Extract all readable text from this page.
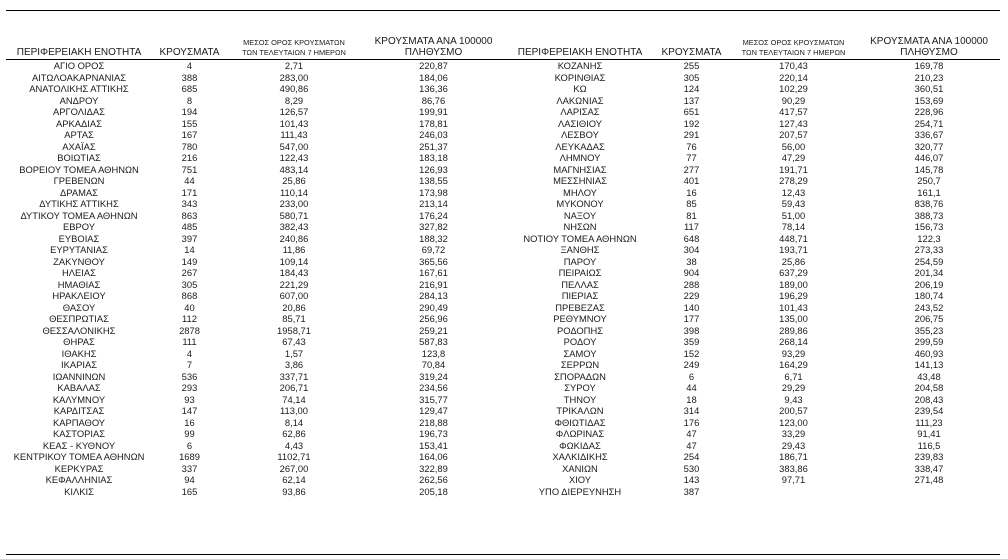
ΠΕΡΙΦΕΡΕΙΑΚΗ ΕΝΟΤΗΤΑ	ΚΡΟΥΣΜΑΤΑ	ΜΕΣΟΣ ΟΡΟΣ ΚΡΟΥΣΜΑΤΩΝ
ΤΩΝ ΤΕΛΕΥΤΑΙΩΝ 7 ΗΜΕΡΩΝ	ΚΡΟΥΣΜΑΤΑ ΑΝΑ 100000
ΠΛΗΘΥΣΜΟ	ΠΕΡΙΦΕΡΕΙΑΚΗ ΕΝΟΤΗΤΑ	ΚΡΟΥΣΜΑΤΑ	ΜΕΣΟΣ ΟΡΟΣ ΚΡΟΥΣΜΑΤΩΝ
ΤΩΝ ΤΕΛΕΥΤΑΙΩΝ 7 ΗΜΕΡΩΝ	ΚΡΟΥΣΜΑΤΑ ΑΝΑ 100000
ΠΛΗΘΥΣΜΟ

ΑΓΙΟ ΟΡΟΣ	4	2,71	220,87	ΚΟΖΑΝΗΣ	255	170,43	169,78
ΑΙΤΩΛΟΑΚΑΡΝΑΝΙΑΣ	388	283,00	184,06	ΚΟΡΙΝΘΙΑΣ	305	220,14	210,23
ΑΝΑΤΟΛΙΚΗΣ ΑΤΤΙΚΗΣ	685	490,86	136,36	ΚΩ	124	102,29	360,51
ΑΝΔΡΟΥ	8	8,29	86,76	ΛΑΚΩΝΙΑΣ	137	90,29	153,69
ΑΡΓΟΛΙΔΑΣ	194	126,57	199,91	ΛΑΡΙΣΑΣ	651	417,57	228,96
ΑΡΚΑΔΙΑΣ	155	101,43	178,81	ΛΑΣΙΘΙΟΥ	192	127,43	254,71
ΑΡΤΑΣ	167	111,43	246,03	ΛΕΣΒΟΥ	291	207,57	336,67
ΑΧΑΪΑΣ	780	547,00	251,37	ΛΕΥΚΑΔΑΣ	76	56,00	320,77
ΒΟΙΩΤΙΑΣ	216	122,43	183,18	ΛΗΜΝΟΥ	77	47,29	446,07
ΒΟΡΕΙΟΥ ΤΟΜΕΑ ΑΘΗΝΩΝ	751	483,14	126,93	ΜΑΓΝΗΣΙΑΣ	277	191,71	145,78
ΓΡΕΒΕΝΩΝ	44	25,86	138,55	ΜΕΣΣΗΝΙΑΣ	401	278,29	250,7
ΔΡΑΜΑΣ	171	110,14	173,98	ΜΗΛΟΥ	16	12,43	161,1
ΔΥΤΙΚΗΣ ΑΤΤΙΚΗΣ	343	233,00	213,14	ΜΥΚΟΝΟΥ	85	59,43	838,76
ΔΥΤΙΚΟΥ ΤΟΜΕΑ ΑΘΗΝΩΝ	863	580,71	176,24	ΝΑΞΟΥ	81	51,00	388,73
ΕΒΡΟΥ	485	382,43	327,82	ΝΗΣΩΝ	117	78,14	156,73
ΕΥΒΟΙΑΣ	397	240,86	188,32	ΝΟΤΙΟΥ ΤΟΜΕΑ ΑΘΗΝΩΝ	648	448,71	122,3
ΕΥΡΥΤΑΝΙΑΣ	14	11,86	69,72	ΞΑΝΘΗΣ	304	193,71	273,33
ΖΑΚΥΝΘΟΥ	149	109,14	365,56	ΠΑΡΟΥ	38	25,86	254,59
ΗΛΕΙΑΣ	267	184,43	167,61	ΠΕΙΡΑΙΩΣ	904	637,29	201,34
ΗΜΑΘΙΑΣ	305	221,29	216,91	ΠΕΛΛΑΣ	288	189,00	206,19
ΗΡΑΚΛΕΙΟΥ	868	607,00	284,13	ΠΙΕΡΙΑΣ	229	196,29	180,74
ΘΑΣΟΥ	40	20,86	290,49	ΠΡΕΒΕΖΑΣ	140	101,43	243,52
ΘΕΣΠΡΩΤΙΑΣ	112	85,71	256,96	ΡΕΘΥΜΝΟΥ	177	135,00	206,75
ΘΕΣΣΑΛΟΝΙΚΗΣ	2878	1958,71	259,21	ΡΟΔΟΠΗΣ	398	289,86	355,23
ΘΗΡΑΣ	111	67,43	587,83	ΡΟΔΟΥ	359	268,14	299,59
ΙΘΑΚΗΣ	4	1,57	123,8	ΣΑΜΟΥ	152	93,29	460,93
ΙΚΑΡΙΑΣ	7	3,86	70,84	ΣΕΡΡΩΝ	249	164,29	141,13
ΙΩΑΝΝΙΝΩΝ	536	337,71	319,24	ΣΠΟΡΑΔΩΝ	6	6,71	43,48
ΚΑΒΑΛΑΣ	293	206,71	234,56	ΣΥΡΟΥ	44	29,29	204,58
ΚΑΛΥΜΝΟΥ	93	74,14	315,77	ΤΗΝΟΥ	18	9,43	208,43
ΚΑΡΔΙΤΣΑΣ	147	113,00	129,47	ΤΡΙΚΑΛΩΝ	314	200,57	239,54
ΚΑΡΠΑΘΟΥ	16	8,14	218,88	ΦΘΙΩΤΙΔΑΣ	176	123,00	111,23
ΚΑΣΤΟΡΙΑΣ	99	62,86	196,73	ΦΛΩΡΙΝΑΣ	47	33,29	91,41
ΚΕΑΣ - ΚΥΘΝΟΥ	6	4,43	153,41	ΦΩΚΙΔΑΣ	47	29,43	116,5
ΚΕΝΤΡΙΚΟΥ ΤΟΜΕΑ ΑΘΗΝΩΝ	1689	1102,71	164,06	ΧΑΛΚΙΔΙΚΗΣ	254	186,71	239,83
ΚΕΡΚΥΡΑΣ	337	267,00	322,89	ΧΑΝΙΩΝ	530	383,86	338,47
ΚΕΦΑΛΛΗΝΙΑΣ	94	62,14	262,56	ΧΙΟΥ	143	97,71	271,48
ΚΙΛΚΙΣ	165	93,86	205,18	ΥΠΟ ΔΙΕΡΕΥΝΗΣΗ	387		
